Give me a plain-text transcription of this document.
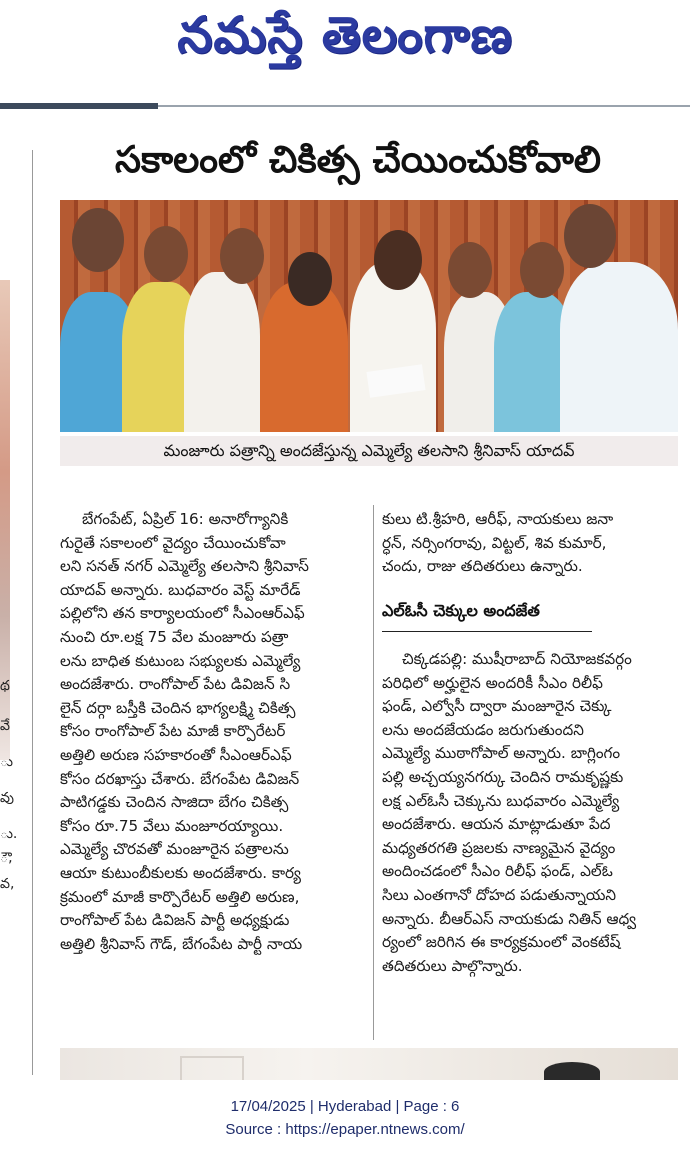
నమస్తే తెలంగాణ
థ
వే
ు
వు
ు.
ౌ,
వ,
సకాలంలో చికిత్స చేయించుకోవాలి
మంజూరు పత్రాన్ని అందజేస్తున్న ఎమ్మెల్యే తలసాని శ్రీనివాస్ యాదవ్

బేగంపేట్, ఏప్రిల్ 16: అనారోగ్యానికి

గురైతే సకాలంలో వైద్యం చేయించుకోవా

లని సనత్ నగర్ ఎమ్మెల్యే తలసాని శ్రీనివాస్

యాదవ్ అన్నారు. బుధవారం వెస్ట్ మారేడ్

పల్లిలోని తన కార్యాలయంలో సీఎంఆర్ఎఫ్

నుంచి రూ.లక్ష 75 వేల మంజూరు పత్రా

లను బాధిత కుటుంబ సభ్యులకు ఎమ్మెల్యే

అందజేశారు. రాంగోపాల్ పేట డివిజన్ సి

లైన్ దర్గా బస్తీకి చెందిన భాగ్యలక్ష్మి చికిత్స

కోసం రాంగోపాల్ పేట మాజీ కార్పొరేటర్

అత్తిలి అరుణ సహకారంతో సీఎంఆర్ఎఫ్

కోసం దరఖాస్తు చేశారు. బేగంపేట డివిజన్

పాటిగడ్డకు చెందిన సాజిదా బేగం చికిత్స

కోసం రూ.75 వేలు మంజూరయ్యాయి.

ఎమ్మెల్యే చొరవతో మంజూరైన పత్రాలను

ఆయా కుటుంబీకులకు అందజేశారు. కార్య

క్రమంలో మాజీ కార్పొరేటర్ అత్తిలి అరుణ,

రాంగోపాల్ పేట డివిజన్ పార్టీ అధ్యక్షుడు

అత్తిలి శ్రీనివాస్ గౌడ్, బేగంపేట పార్టీ నాయ

కులు టి.శ్రీహరి, ఆరీఫ్, నాయకులు జనా

ర్ధన్, నర్సింగరావు, విట్టల్, శివ కుమార్,

చందు, రాజు తదితరులు ఉన్నారు.

ఎల్ఓసీ చెక్కుల అందజేత

చిక్కడపల్లి: ముషీరాబాద్ నియోజకవర్గం

పరిధిలో అర్హులైన అందరికీ సీఎం రిలీఫ్

ఫండ్, ఎల్వోసీ ద్వారా మంజూరైన చెక్కు

లను అందజేయడం జరుగుతుందని

ఎమ్మెల్యే ముఠాగోపాల్ అన్నారు. బాగ్లింగం

పల్లి అచ్చయ్యనగర్కు చెందిన రామకృష్ణకు

లక్ష ఎల్ఓసీ చెక్కును బుధవారం ఎమ్మెల్యే

అందజేశారు. ఆయన మాట్లాడుతూ పేద

మధ్యతరగతి ప్రజలకు నాణ్యమైన వైద్యం

అందించడంలో సీఎం రిలీఫ్ ఫండ్, ఎల్ఓ

సిలు ఎంతగానో దోహద పడుతున్నాయని

అన్నారు. బీఆర్ఎస్ నాయకుడు నితిన్ ఆధ్వ

ర్యంలో జరిగిన ఈ కార్యక్రమంలో వెంకటేష్

తదితరులు పాల్గొన్నారు.

17/04/2025 | Hyderabad | Page : 6
Source : https://epaper.ntnews.com/
